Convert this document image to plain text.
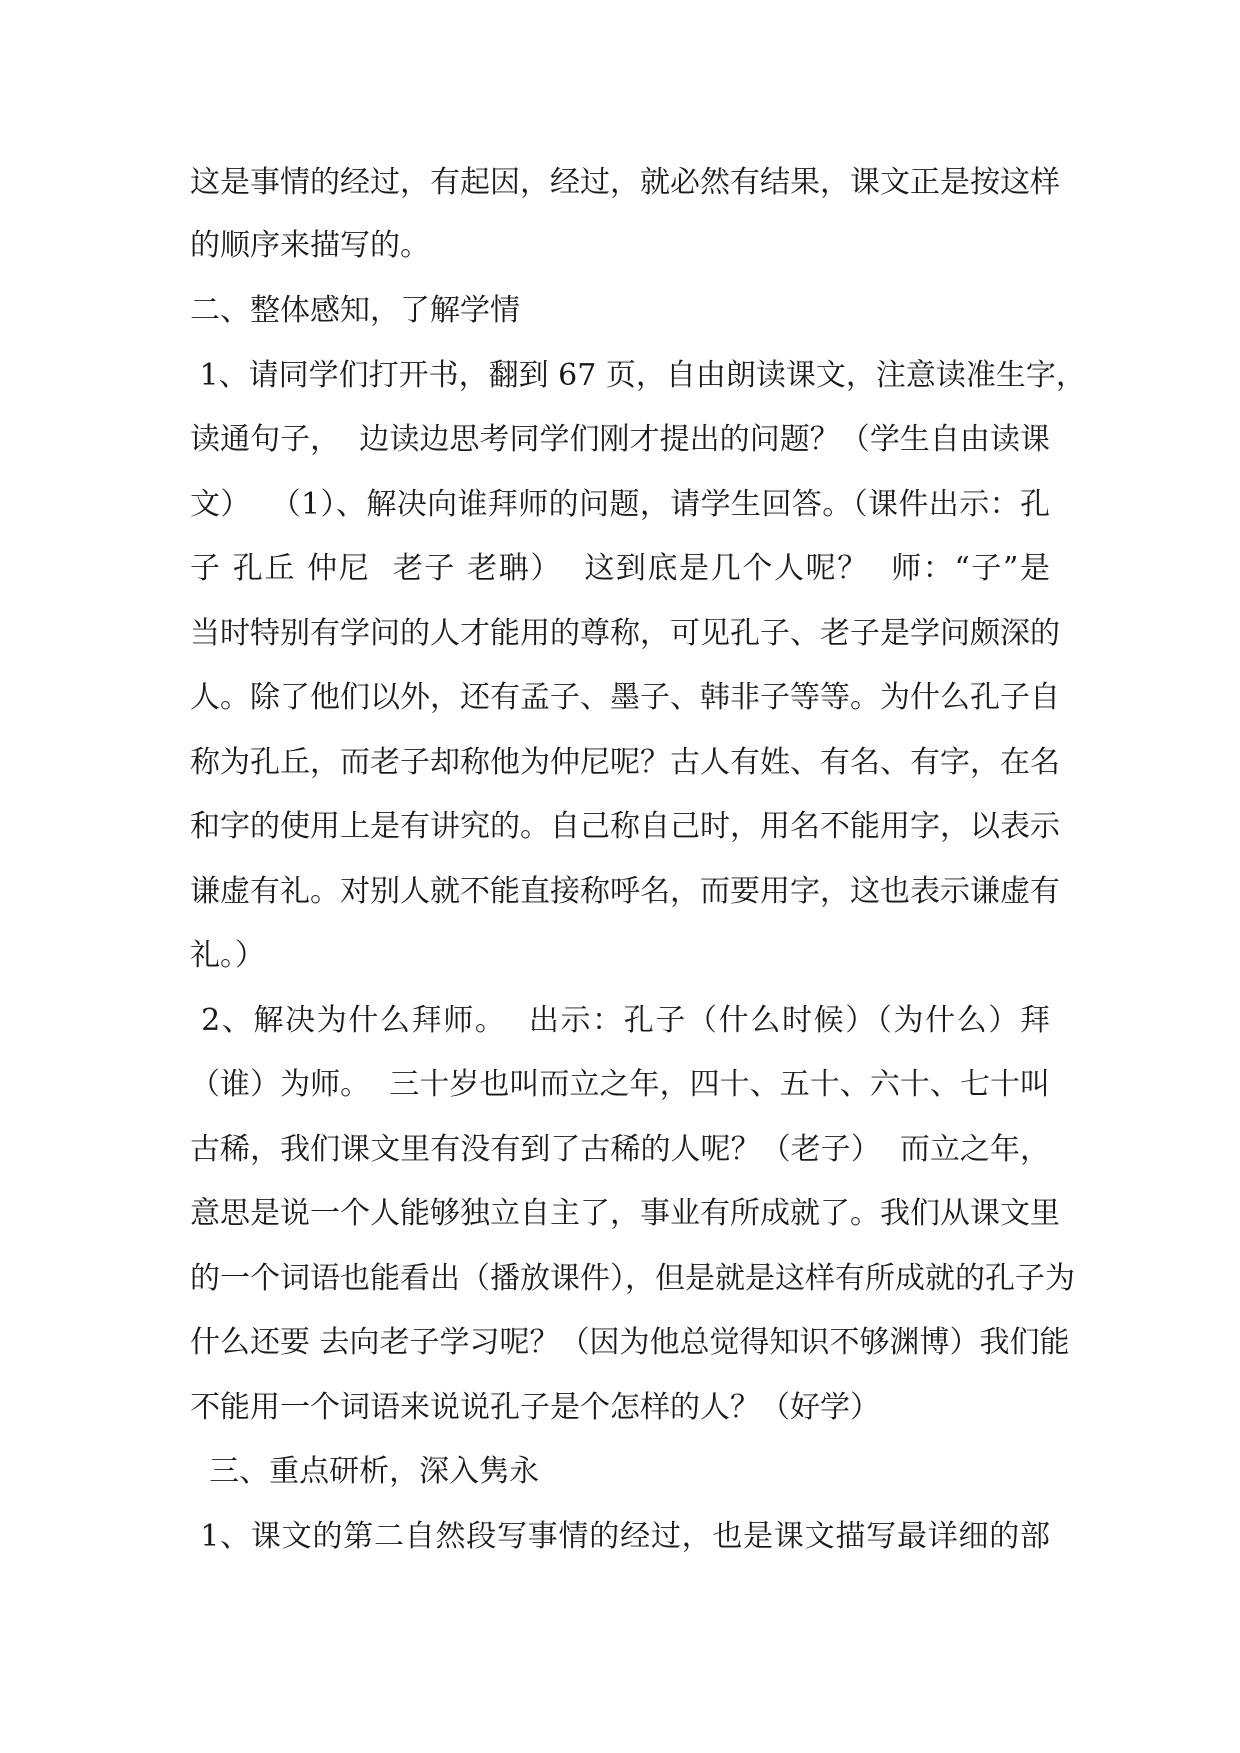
这是事情的经过，有起因，经过，就必然有结果，课文正是按这样
的顺序来描写的。
二、整体感知，了解学情
1、请同学们打开书，翻到 67 页，自由朗读课文，注意读准生字，
读通句子，  边读边思考同学们刚才提出的问题？（学生自由读课
文）  （1）、解决向谁拜师的问题，请学生回答。（课件出示：孔
子 孔丘 仲尼  老子 老聃）  这到底是几个人呢？  师：“子”是
当时特别有学问的人才能用的尊称，可见孔子、老子是学问颇深的
人。除了他们以外，还有孟子、墨子、韩非子等等。为什么孔子自
称为孔丘，而老子却称他为仲尼呢？古人有姓、有名、有字，在名
和字的使用上是有讲究的。自己称自己时，用名不能用字，以表示
谦虚有礼。对别人就不能直接称呼名，而要用字，这也表示谦虚有
礼。）
2、解决为什么拜师。  出示：孔子（什么时候）（为什么）拜
（谁）为师。  三十岁也叫而立之年，四十、五十、六十、七十叫
古稀，我们课文里有没有到了古稀的人呢？（老子）  而立之年，
意思是说一个人能够独立自主了，事业有所成就了。我们从课文里
的一个词语也能看出（播放课件），但是就是这样有所成就的孔子为
什么还要 去向老子学习呢？（因为他总觉得知识不够渊博）我们能
不能用一个词语来说说孔子是个怎样的人？（好学）
三、重点研析，深入隽永
1、课文的第二自然段写事情的经过，也是课文描写最详细的部
